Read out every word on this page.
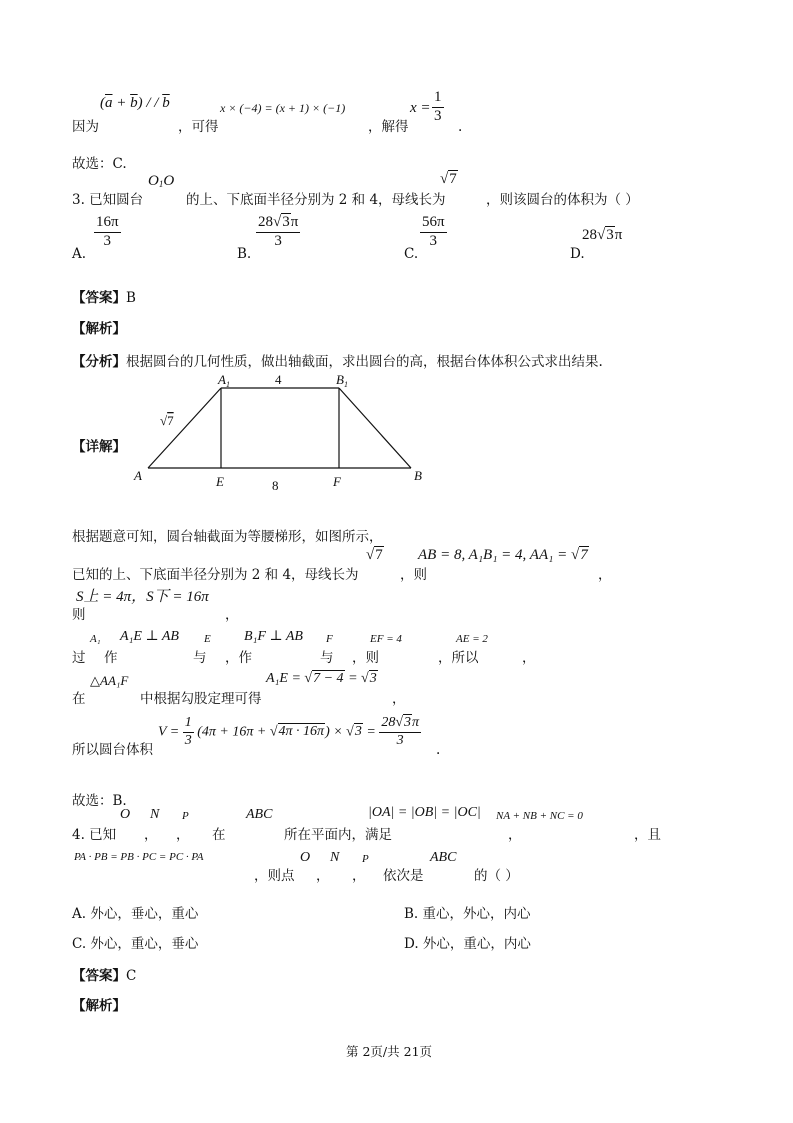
因为
$(\overline{a} + \overline{b})$ / / $\overline{b}$
，可得
x × (−4) = (x + 1) × (−1)
，解得
$x = \frac{1}{3}$
.
故选：C.
3. 已知圆台
O1O
的上、下底面半径分别为 2 和 4，母线长为
√7
，则该圆台的体积为（ ）
A.
$\frac{16\pi}{3}$
B.
$\frac{28√3\pi}{3}$
C.
$\frac{56\pi}{3}$
D.
28√3π
【答案】B
【解析】
【分析】根据圆台的几何性质，做出轴截面，求出圆台的高，根据台体体积公式求出结果.
【详解】
$A_1$	$B_1$
4
√7
A	E	8	F	B
根据题意可知，圆台轴截面为等腰梯形，如图所示，
已知的上、下底面半径分别为 2 和 4，母线长为
√7
，则
AB = 8, A₁B₁ = 4, AA₁ = √7
，
S上 = 4π，S下 = 16π
则	，
过
A₁
作
A₁E ⊥ AB
与
E
，作
B₁F ⊥ AB
与
F
，则
EF = 4
，所以
AE = 2
，
在
△AA₁F
中根据勾股定理可得
A₁E = √7 − 4 = √3
，
所以圆台体积
$V = \frac{1}{3} (4\pi + 16\pi + √4\pi \cdot 16\pi) \times √3 = \frac{28√3\pi}{3}$
.
故选：B.
O N P	ABC	|OA| = |OB| = |OC| NA + NB + NC = 0
4. 已知 ， ， 在	所在平面内，满足	，	，且
PA · PB = PB · PC = PC · PA	O N P	ABC
，则点 ， ， 依次是	的（ ）
A. 外心，垂心，重心	B. 重心，外心，内心
C. 外心，重心，垂心	D. 外心，重心，内心
【答案】C
【解析】
第 2页/共 21页
